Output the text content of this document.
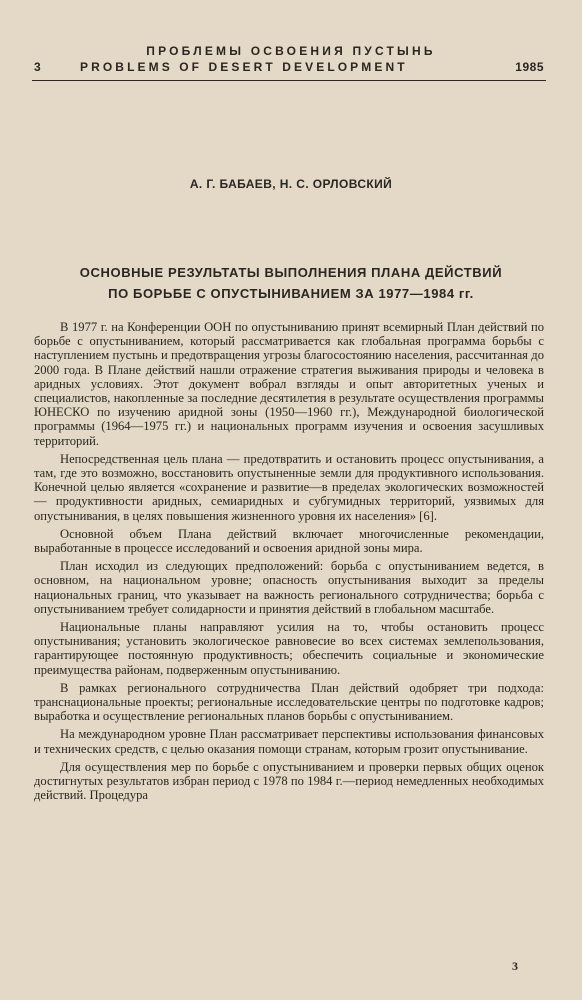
ПРОБЛЕМЫ ОСВОЕНИЯ ПУСТЫНЬ
3	PROBLEMS OF DESERT DEVELOPMENT	1985
А. Г. БАБАЕВ, Н. С. ОРЛОВСКИЙ
ОСНОВНЫЕ РЕЗУЛЬТАТЫ ВЫПОЛНЕНИЯ ПЛАНА ДЕЙСТВИЙ
ПО БОРЬБЕ С ОПУСТЫНИВАНИЕМ ЗА 1977—1984 гг.

В 1977 г. на Конференции ООН по опустыниванию принят всемирный План действий по борьбе с опустыниванием, который рассматривается как глобальная программа борьбы с наступлением пустынь и предотвращения угрозы благосостоянию населения, рассчитанная до 2000 года. В Плане действий нашли отражение стратегия выживания природы и человека в аридных условиях. Этот документ вобрал взгляды и опыт авторитетных ученых и специалистов, накопленные за последние десятилетия в результате осуществления программы ЮНЕСКО по изучению аридной зоны (1950—1960 гг.), Международной биологической программы (1964—1975 гг.) и национальных программ изучения и освоения засушливых территорий.

Непосредственная цель плана — предотвратить и остановить процесс опустынивания, а там, где это возможно, восстановить опустыненные земли для продуктивного использования. Конечной целью является «сохранение и развитие—в пределах экологических возможностей — продуктивности аридных, семиаридных и субгумидных территорий, уязвимых для опустынивания, в целях повышения жизненного уровня их населения» [6].

Основной объем Плана действий включает многочисленные рекомендации, выработанные в процессе исследований и освоения аридной зоны мира.

План исходил из следующих предположений: борьба с опустыниванием ведется, в основном, на национальном уровне; опасность опустынивания выходит за пределы национальных границ, что указывает на важность регионального сотрудничества; борьба с опустыниванием требует солидарности и принятия действий в глобальном масштабе.

Национальные планы направляют усилия на то, чтобы остановить процесс опустынивания; установить экологическое равновесие во всех системах землепользования, гарантирующее постоянную продуктивность; обеспечить социальные и экономические преимущества районам, подверженным опустыниванию.

В рамках регионального сотрудничества План действий одобряет три подхода: транснациональные проекты; региональные исследовательские центры по подготовке кадров; выработка и осуществление региональных планов борьбы с опустыниванием.

На международном уровне План рассматривает перспективы использования финансовых и технических средств, с целью оказания помощи странам, которым грозит опустынивание.

Для осуществления мер по борьбе с опустыниванием и проверки первых общих оценок достигнутых результатов избран период с 1978 по 1984 г.—период немедленных необходимых действий. Процедура

3
